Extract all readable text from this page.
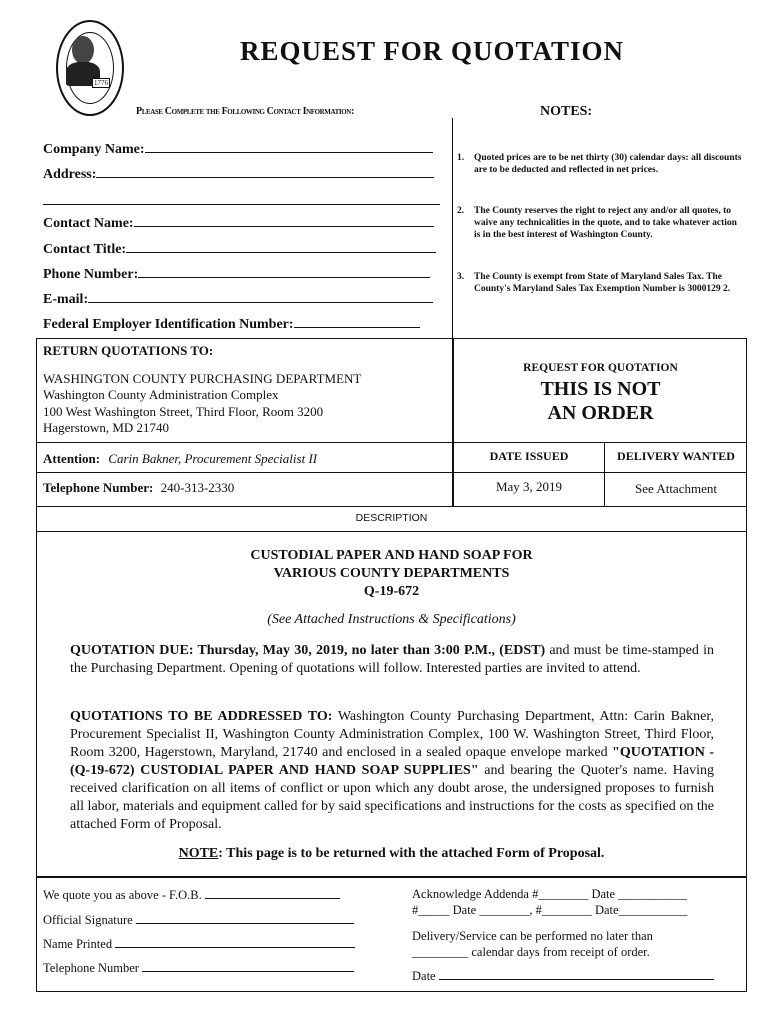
1776
REQUEST FOR QUOTATION
Please Complete the Following Contact Information:	NOTES:
Company Name:
Address:
Contact Name:
Contact Title:
Phone Number:
E-mail:
Federal Employer Identification Number:
1. Quoted prices are to be net thirty (30) calendar days: all discounts are to be deducted and reflected in net prices.
2. The County reserves the right to reject any and/or all quotes, to waive any technicalities in the quote, and to take whatever action is in the best interest of Washington County.
3. The County is exempt from State of Maryland Sales Tax. The County's Maryland Sales Tax Exemption Number is 3000129 2.
RETURN QUOTATIONS TO:
WASHINGTON COUNTY PURCHASING DEPARTMENT
Washington County Administration Complex
100 West Washington Street, Third Floor, Room 3200
Hagerstown, MD 21740
Attention: Carin Bakner, Procurement Specialist II
Telephone Number: 240-313-2330
REQUEST FOR QUOTATION
THIS IS NOT
AN ORDER
DATE ISSUED	DELIVERY WANTED
May 3, 2019	See Attachment
DESCRIPTION
CUSTODIAL PAPER AND HAND SOAP FOR
VARIOUS COUNTY DEPARTMENTS
Q-19-672
(See Attached Instructions & Specifications)
QUOTATION DUE: Thursday, May 30, 2019, no later than 3:00 P.M., (EDST) and must be time-stamped in the Purchasing Department. Opening of quotations will follow. Interested parties are invited to attend.
QUOTATIONS TO BE ADDRESSED TO: Washington County Purchasing Department, Attn: Carin Bakner, Procurement Specialist II, Washington County Administration Complex, 100 W. Washington Street, Third Floor, Room 3200, Hagerstown, Maryland, 21740 and enclosed in a sealed opaque envelope marked "QUOTATION - (Q-19-672) CUSTODIAL PAPER AND HAND SOAP SUPPLIES" and bearing the Quoter's name. Having received clarification on all items of conflict or upon which any doubt arose, the undersigned proposes to furnish all labor, materials and equipment called for by said specifications and instructions for the costs as specified on the attached Form of Proposal.
NOTE: This page is to be returned with the attached Form of Proposal.
We quote you as above - F.O.B.
Official Signature
Name Printed
Telephone Number
Acknowledge Addenda #________ Date ___________
#_____ Date ________, #________ Date___________
Delivery/Service can be performed no later than
_________ calendar days from receipt of order.
Date
